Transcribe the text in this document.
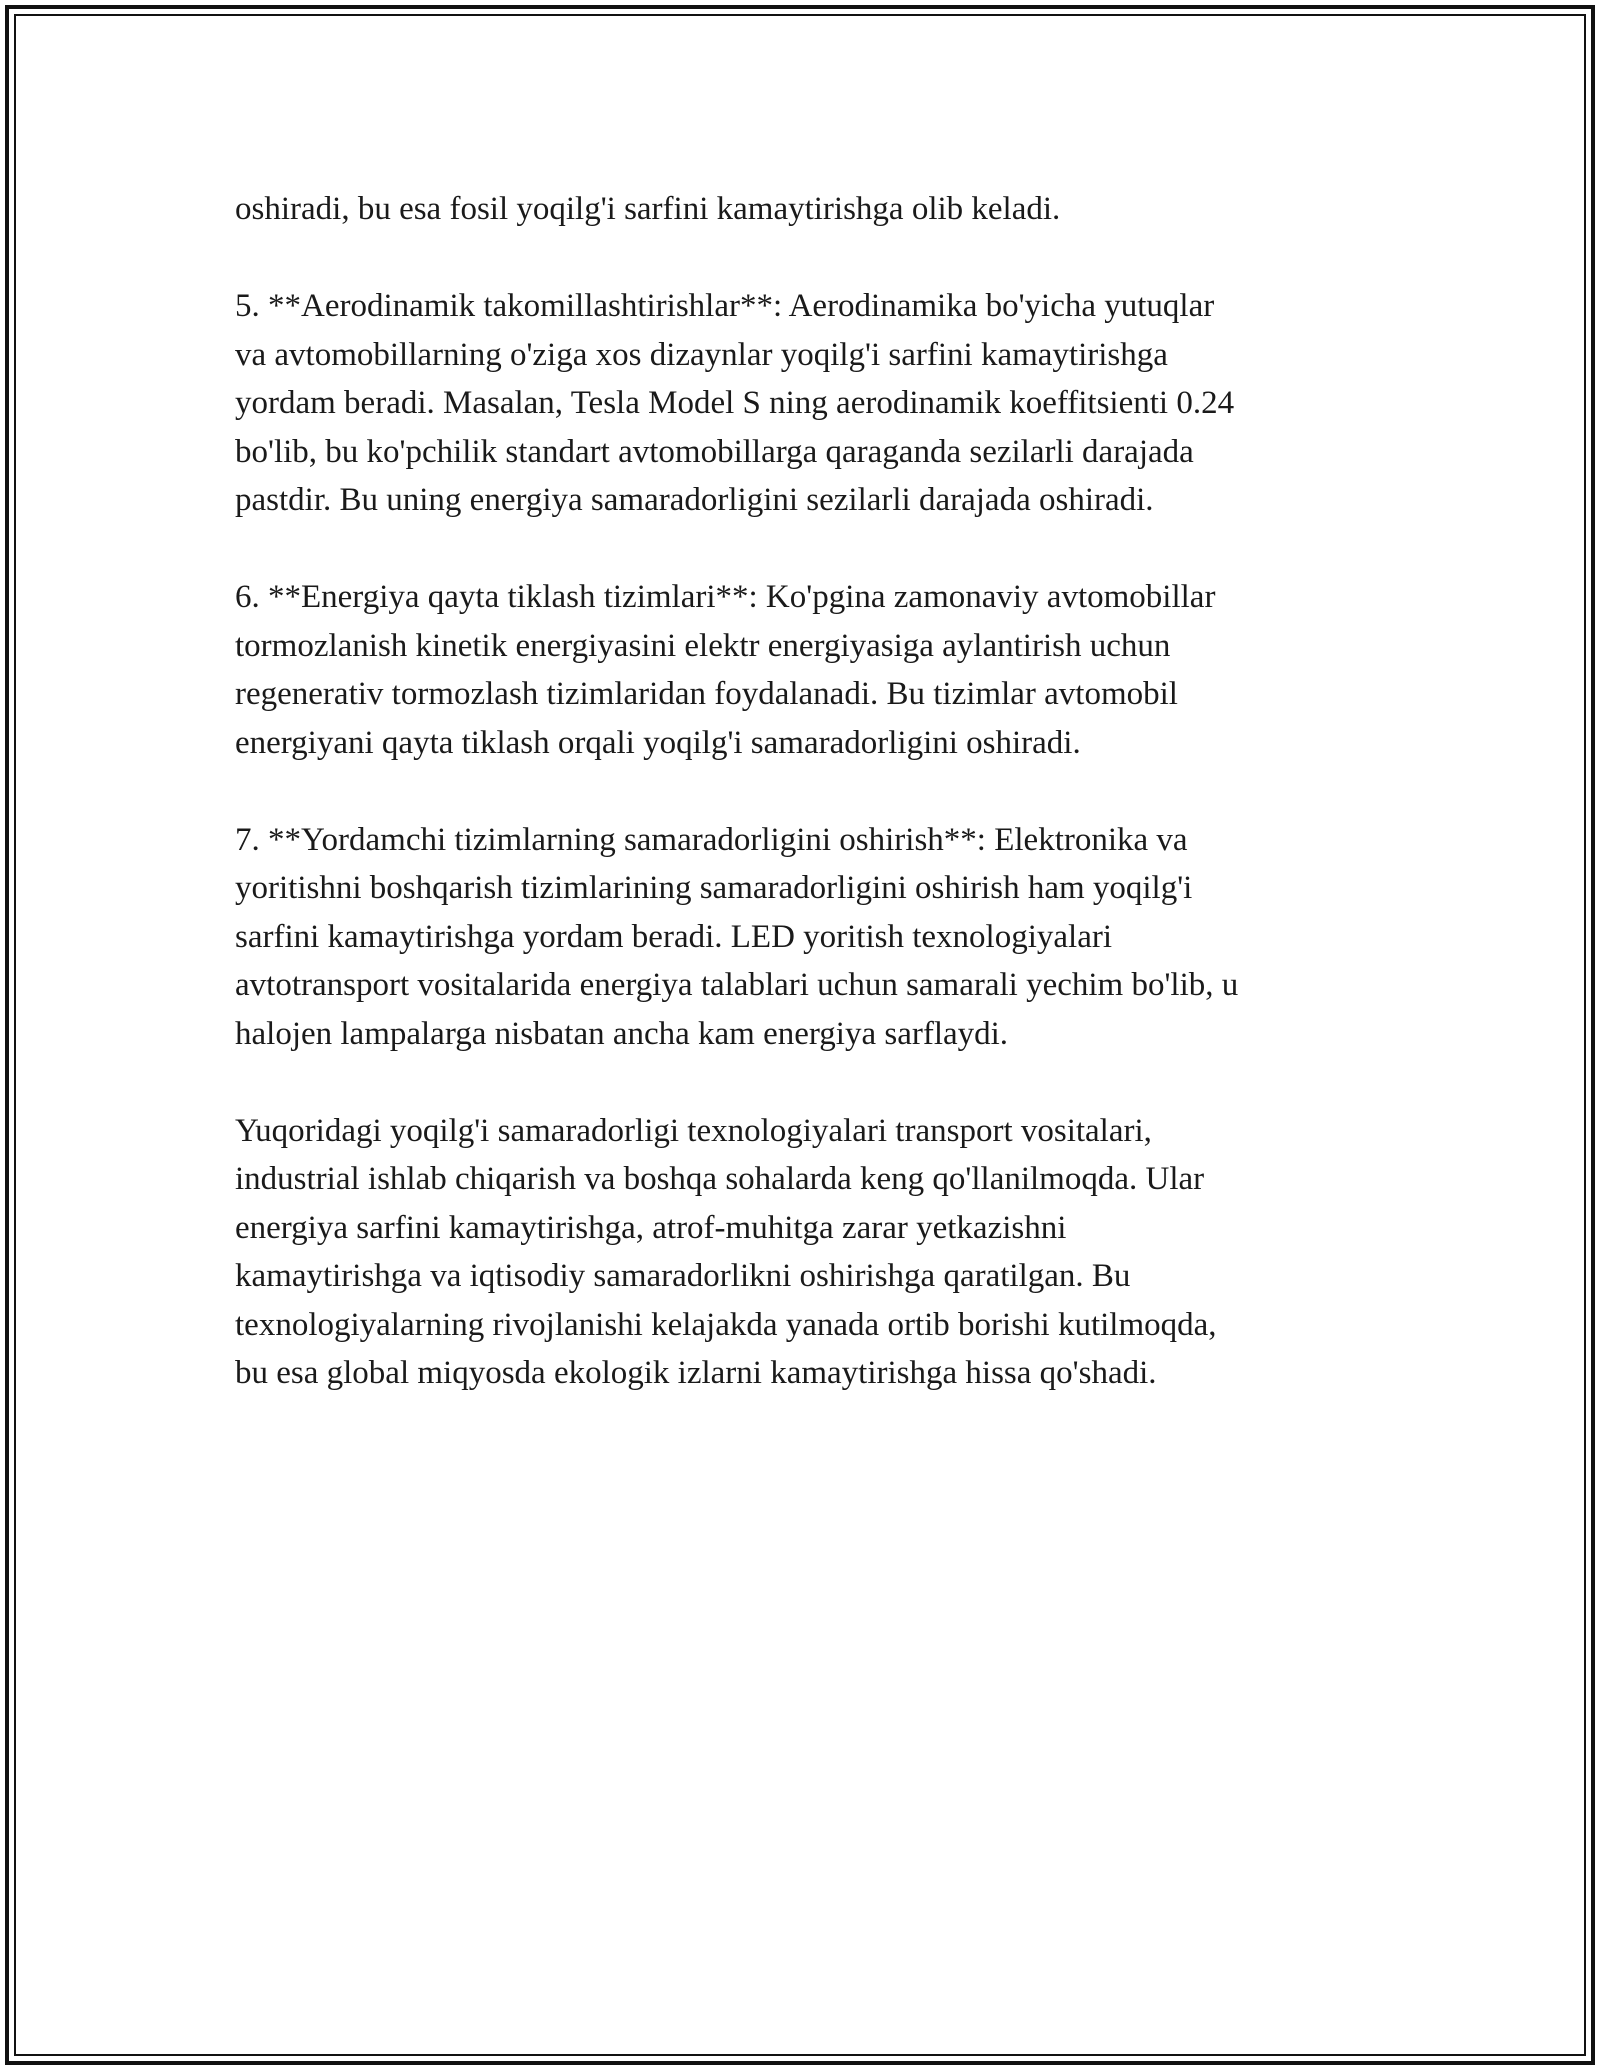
oshiradi, bu esa fosil yoqilg'i sarfini kamaytirishga olib keladi.

5. **Aerodinamik takomillashtirishlar**: Aerodinamika bo'yicha yutuqlar
va avtomobillarning o'ziga xos dizaynlar yoqilg'i sarfini kamaytirishga
yordam beradi. Masalan, Tesla Model S ning aerodinamik koeffitsienti 0.24
bo'lib, bu ko'pchilik standart avtomobillarga qaraganda sezilarli darajada
pastdir. Bu uning energiya samaradorligini sezilarli darajada oshiradi.

6. **Energiya qayta tiklash tizimlari**: Ko'pgina zamonaviy avtomobillar
tormozlanish kinetik energiyasini elektr energiyasiga aylantirish uchun
regenerativ tormozlash tizimlaridan foydalanadi. Bu tizimlar avtomobil
energiyani qayta tiklash orqali yoqilg'i samaradorligini oshiradi.

7. **Yordamchi tizimlarning samaradorligini oshirish**: Elektronika va
yoritishni boshqarish tizimlarining samaradorligini oshirish ham yoqilg'i
sarfini kamaytirishga yordam beradi. LED yoritish texnologiyalari
avtotransport vositalarida energiya talablari uchun samarali yechim bo'lib, u
halojen lampalarga nisbatan ancha kam energiya sarflaydi.

Yuqoridagi yoqilg'i samaradorligi texnologiyalari transport vositalari,
industrial ishlab chiqarish va boshqa sohalarda keng qo'llanilmoqda. Ular
energiya sarfini kamaytirishga, atrof-muhitga zarar yetkazishni
kamaytirishga va iqtisodiy samaradorlikni oshirishga qaratilgan. Bu
texnologiyalarning rivojlanishi kelajakda yanada ortib borishi kutilmoqda,
bu esa global miqyosda ekologik izlarni kamaytirishga hissa qo'shadi.
